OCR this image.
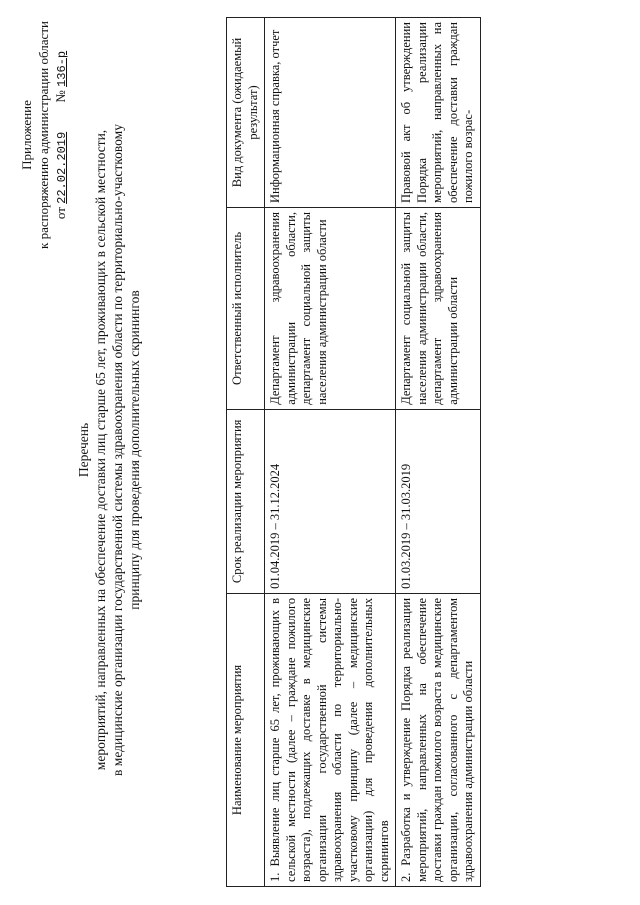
Приложение к распоряжению администрации области от 22.02.2019         № 136-р
Перечень мероприятий, направленных на обеспечение доставки лиц старше 65 лет, проживающих в сельской местности, в медицинские организации государственной системы здравоохранения области по территориально-участковому принципу для проведения дополнительных скринингов
Наименование мероприятия	Срок реализации мероприятия	Ответственный исполнитель	Вид документа (ожидаемый результат)
1. Выявление лиц старше 65 лет, проживающих в сельской местности (далее – граждане пожилого возраста), подлежащих доставке в медицинские организации государственной системы здравоохранения области по территориально-участковому принципу (далее – медицинские организации) для проведения дополнительных скринингов	01.04.2019 – 31.12.2024	Департамент здравоохранения администрации области, департамент социальной защиты населения администрации области	Информационная справка, отчет
2. Разработка и утверждение Порядка реализации мероприятий, направленных на обеспечение доставки граждан пожилого возраста в медицинские организации, согласованного с департаментом здравоохранения администрации области	01.03.2019 – 31.03.2019	Департамент социальной защиты населения администрации области, департамент здравоохранения администрации области	Правовой акт об утверждении Порядка реализации мероприятий, направленных на обеспечение доставки граждан пожилого возрас-
